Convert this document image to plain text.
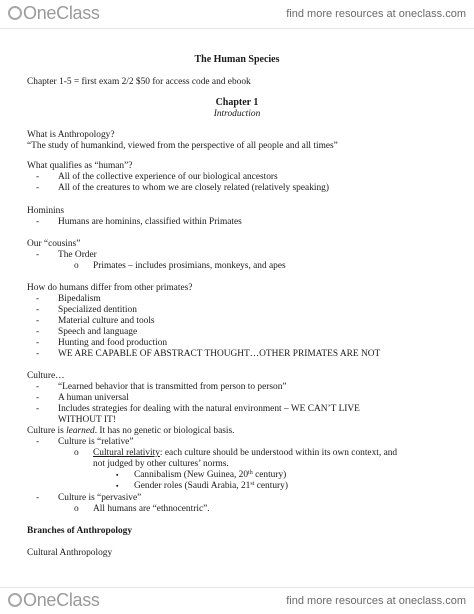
OneClass	find more resources at oneclass.com
The Human Species
Chapter 1-5 = first exam 2/2 $50 for access code and ebook
Chapter 1
Introduction
What is Anthropology?
“The study of humankind, viewed from the perspective of all people and all times”
What qualifies as “human”?
- All of the collective experience of our biological ancestors
- All of the creatures to whom we are closely related (relatively speaking)
Hominins
- Humans are hominins, classified within Primates
Our “cousins”
- The Order
o Primates – includes prosimians, monkeys, and apes
How do humans differ from other primates?
- Bipedalism
- Specialized dentition
- Material culture and tools
- Speech and language
- Hunting and food production
- WE ARE CAPABLE OF ABSTRACT THOUGHT…OTHER PRIMATES ARE NOT
Culture…
- “Learned behavior that is transmitted from person to person”
- A human universal
- Includes strategies for dealing with the natural environment – WE CAN’T LIVE
WITHOUT IT!
Culture is learned. It has no genetic or biological basis.
- Culture is “relative”
o Cultural relativity: each culture should be understood within its own context, and
not judged by other cultures’ norms.
▪ Cannibalism (New Guinea, 20th century)
▪ Gender roles (Saudi Arabia, 21st century)
- Culture is “pervasive”
o All humans are “ethnocentric”.
Branches of Anthropology
Cultural Anthropology
OneClass	find more resources at oneclass.com
